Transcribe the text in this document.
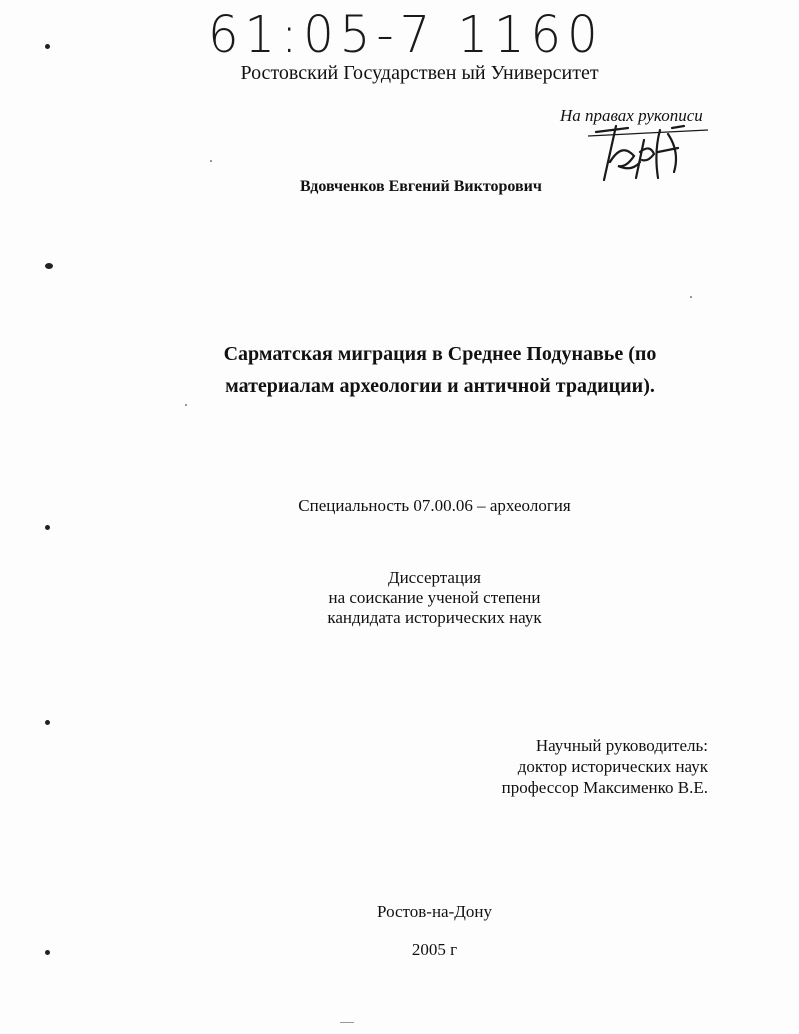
61:05-7 1160
Ростовский Государствен ый Университет
На правах рукописи
Вдовченков Евгений Викторович
Сарматская миграция в Среднее Подунавье (по
материалам археологии и античной традиции).
Специальность 07.00.06 – археология
Диссертация
на соискание ученой степени
кандидата исторических наук
Научный руководитель:
доктор исторических наук
профессор Максименко В.Е.
Ростов-на-Дону
2005 г
